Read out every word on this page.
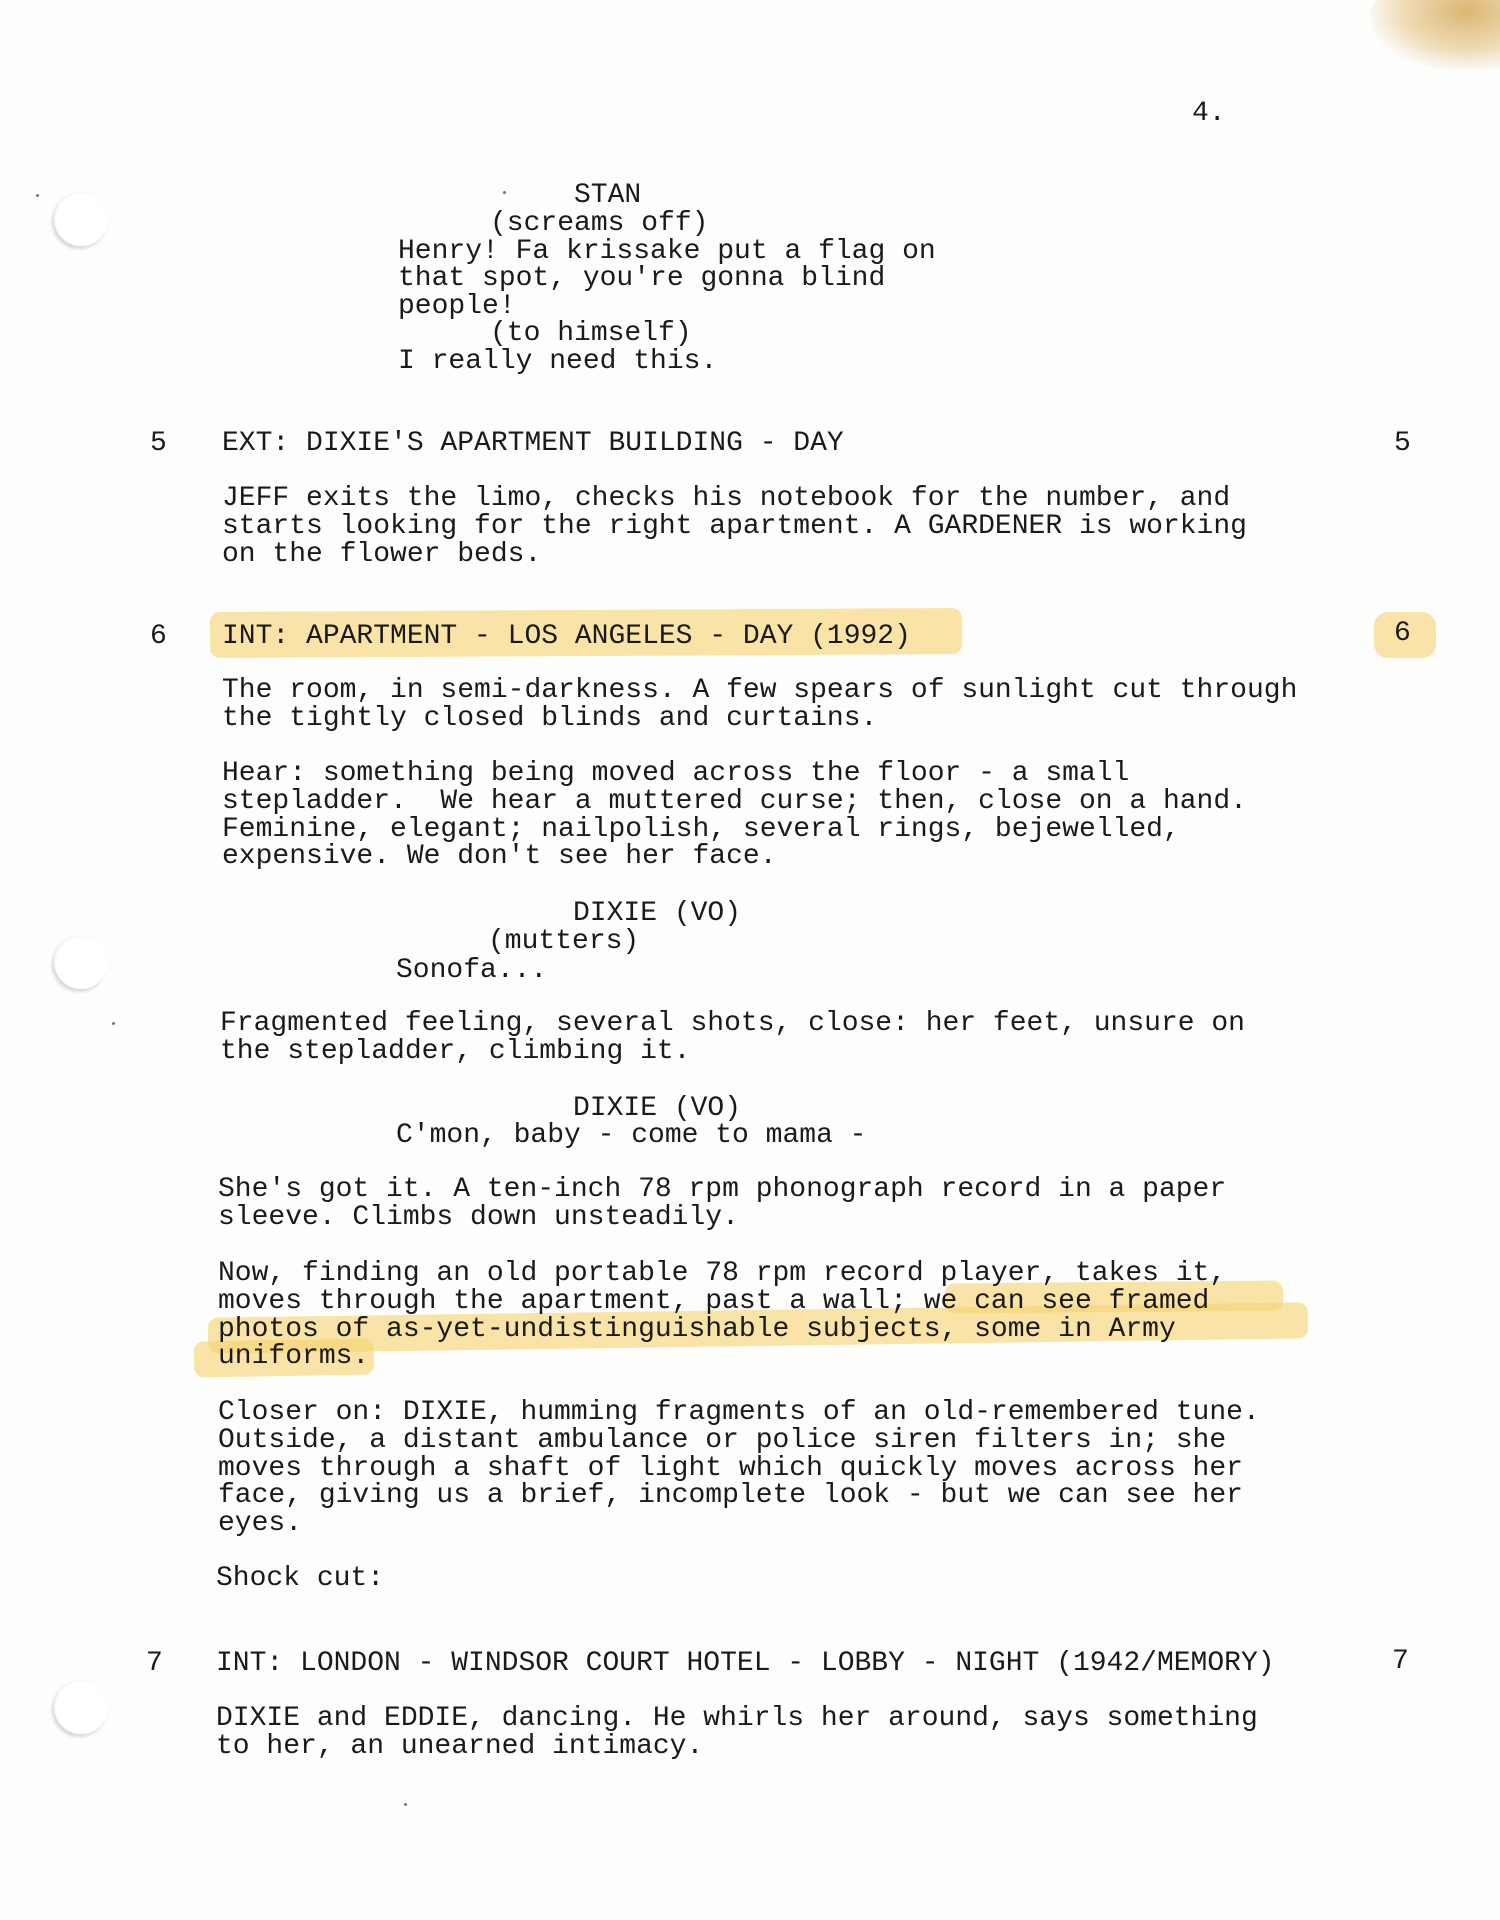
4.
STAN
(screams off)
Henry! Fa krissake put a flag on
that spot, you're gonna blind
people!
(to himself)
I really need this.
5 EXT: DIXIE'S APARTMENT BUILDING - DAY	5
JEFF exits the limo, checks his notebook for the number, and
starts looking for the right apartment. A GARDENER is working
on the flower beds.
6 INT: APARTMENT - LOS ANGELES - DAY (1992)	6
The room, in semi-darkness. A few spears of sunlight cut through
the tightly closed blinds and curtains.
Hear: something being moved across the floor - a small
stepladder.  We hear a muttered curse; then, close on a hand.
Feminine, elegant; nailpolish, several rings, bejewelled,
expensive. We don't see her face.
DIXIE (VO)
(mutters)
Sonofa...
Fragmented feeling, several shots, close: her feet, unsure on
the stepladder, climbing it.
DIXIE (VO)
C'mon, baby - come to mama -
She's got it. A ten-inch 78 rpm phonograph record in a paper
sleeve. Climbs down unsteadily.
Now, finding an old portable 78 rpm record player, takes it,
moves through the apartment, past a wall; we can see framed
photos of as-yet-undistinguishable subjects, some in Army
uniforms.
Closer on: DIXIE, humming fragments of an old-remembered tune.
Outside, a distant ambulance or police siren filters in; she
moves through a shaft of light which quickly moves across her
face, giving us a brief, incomplete look - but we can see her
eyes.
Shock cut:
7 INT: LONDON - WINDSOR COURT HOTEL - LOBBY - NIGHT (1942/MEMORY)	7
DIXIE and EDDIE, dancing. He whirls her around, says something
to her, an unearned intimacy.
